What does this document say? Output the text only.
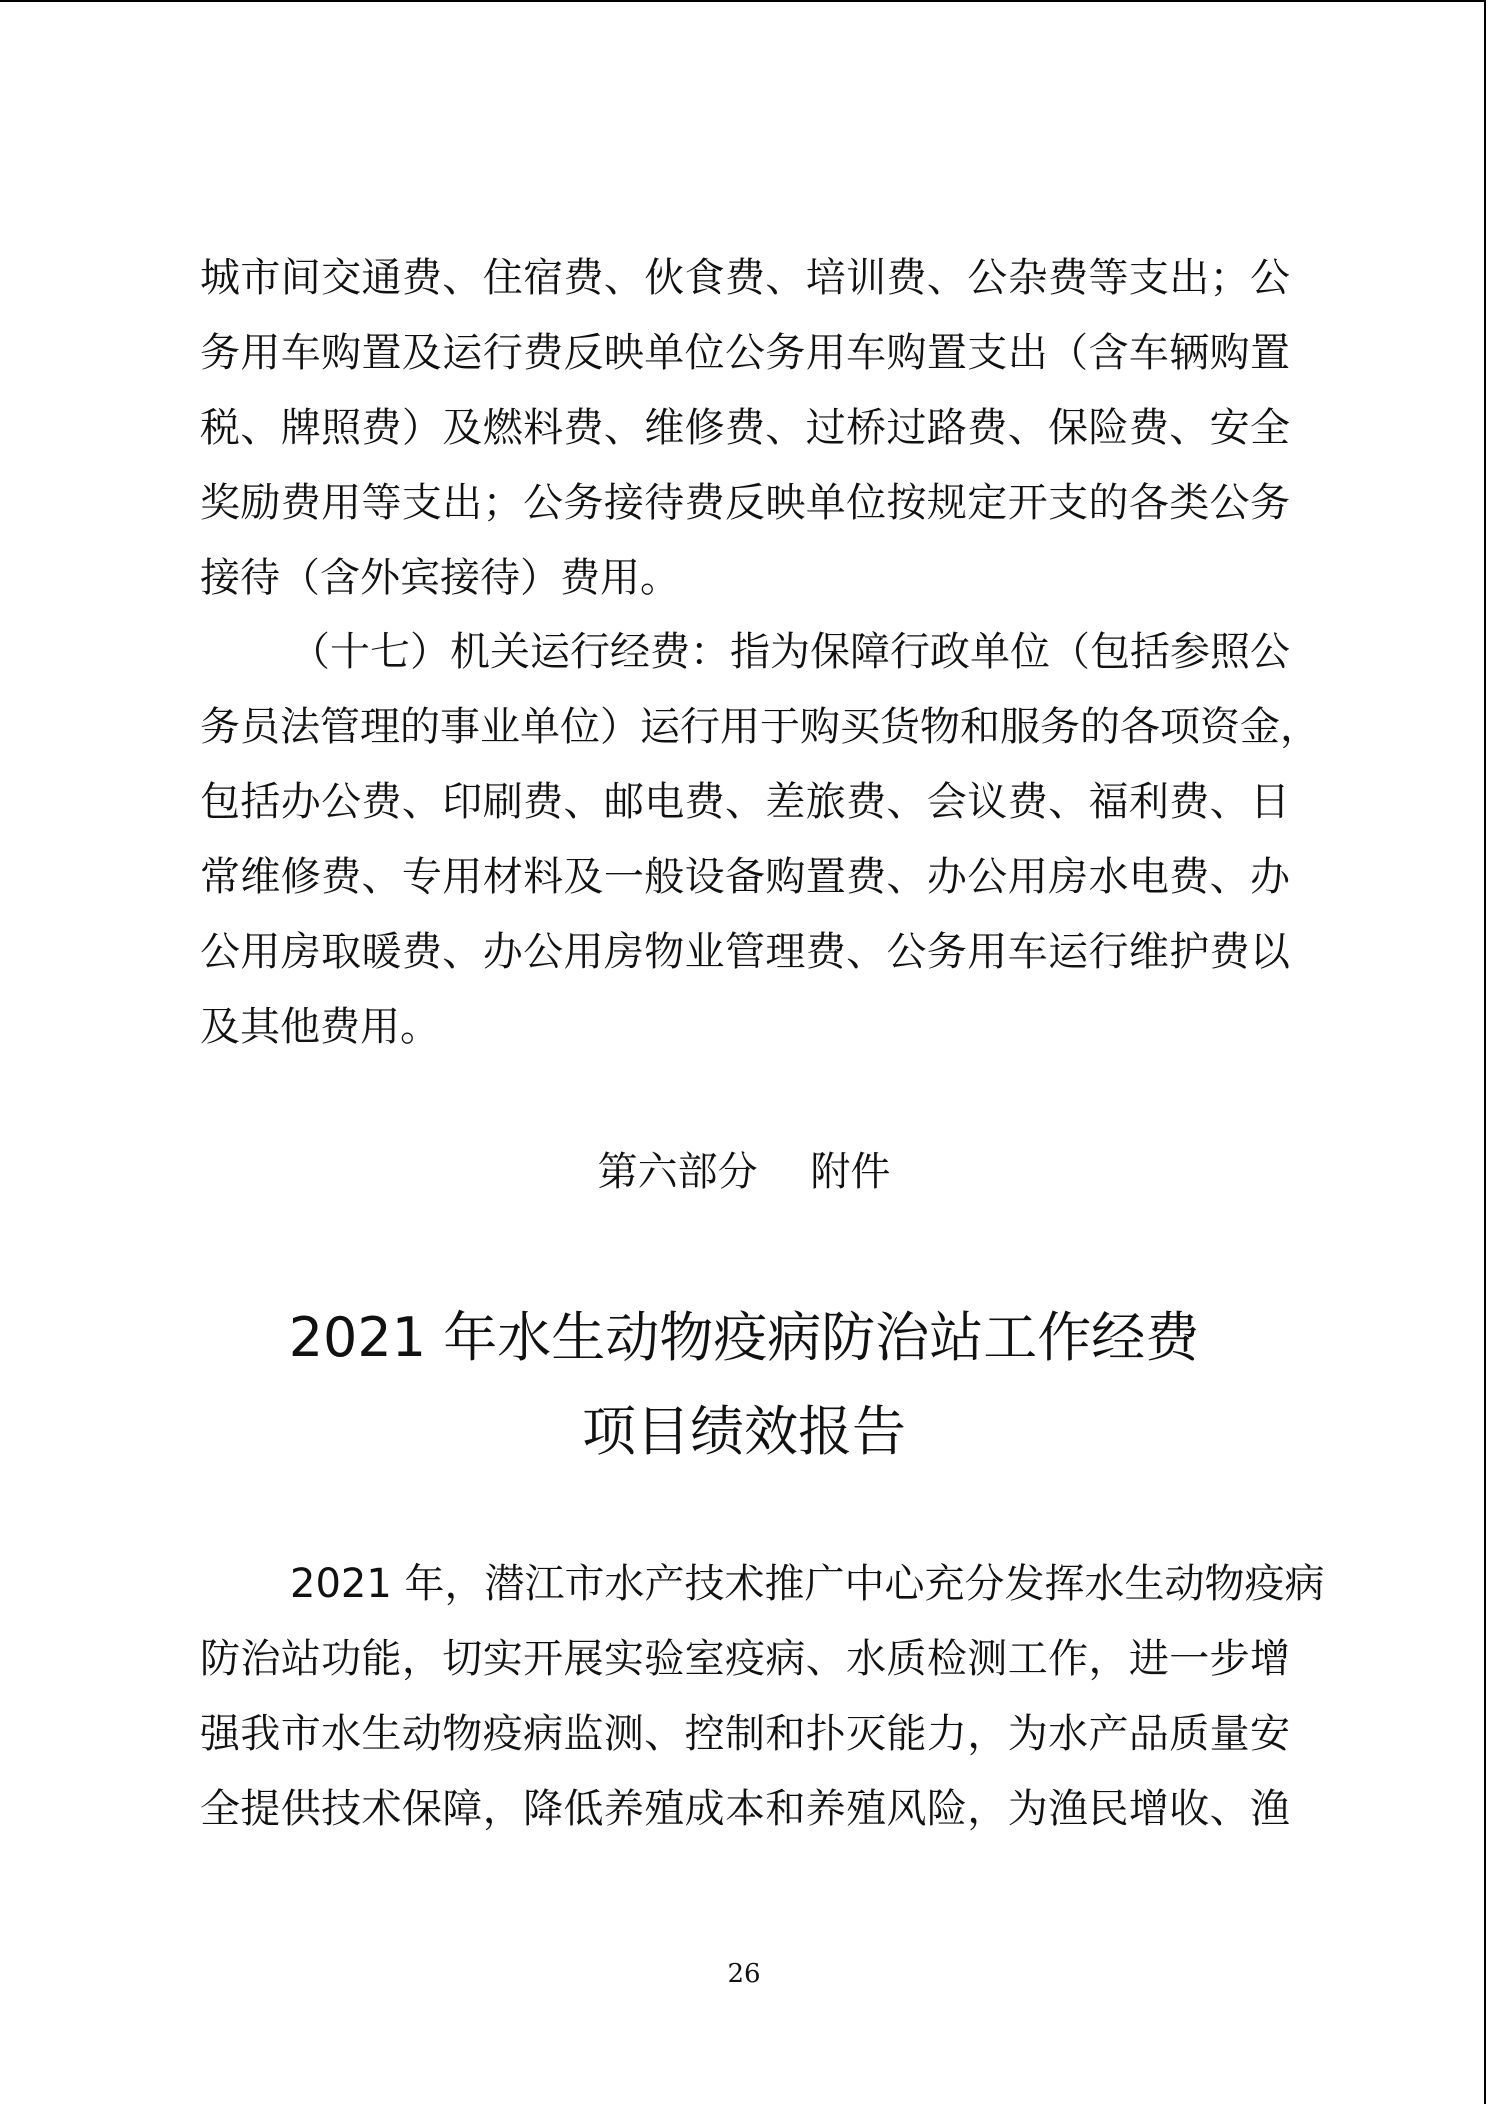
城市间交通费、住宿费、伙食费、培训费、公杂费等支出；公
务用车购置及运行费反映单位公务用车购置支出（含车辆购置
税、牌照费）及燃料费、维修费、过桥过路费、保险费、安全
奖励费用等支出；公务接待费反映单位按规定开支的各类公务
接待（含外宾接待）费用。
（十七）机关运行经费：指为保障行政单位（包括参照公
务员法管理的事业单位）运行用于购买货物和服务的各项资金，
包括办公费、印刷费、邮电费、差旅费、会议费、福利费、日
常维修费、专用材料及一般设备购置费、办公用房水电费、办
公用房取暖费、办公用房物业管理费、公务用车运行维护费以
及其他费用。
第六部分　 附件
2021 年水生动物疫病防治站工作经费
项目绩效报告
2021 年，潜江市水产技术推广中心充分发挥水生动物疫病
防治站功能，切实开展实验室疫病、水质检测工作，进一步增
强我市水生动物疫病监测、控制和扑灭能力，为水产品质量安
全提供技术保障，降低养殖成本和养殖风险，为渔民增收、渔
26
